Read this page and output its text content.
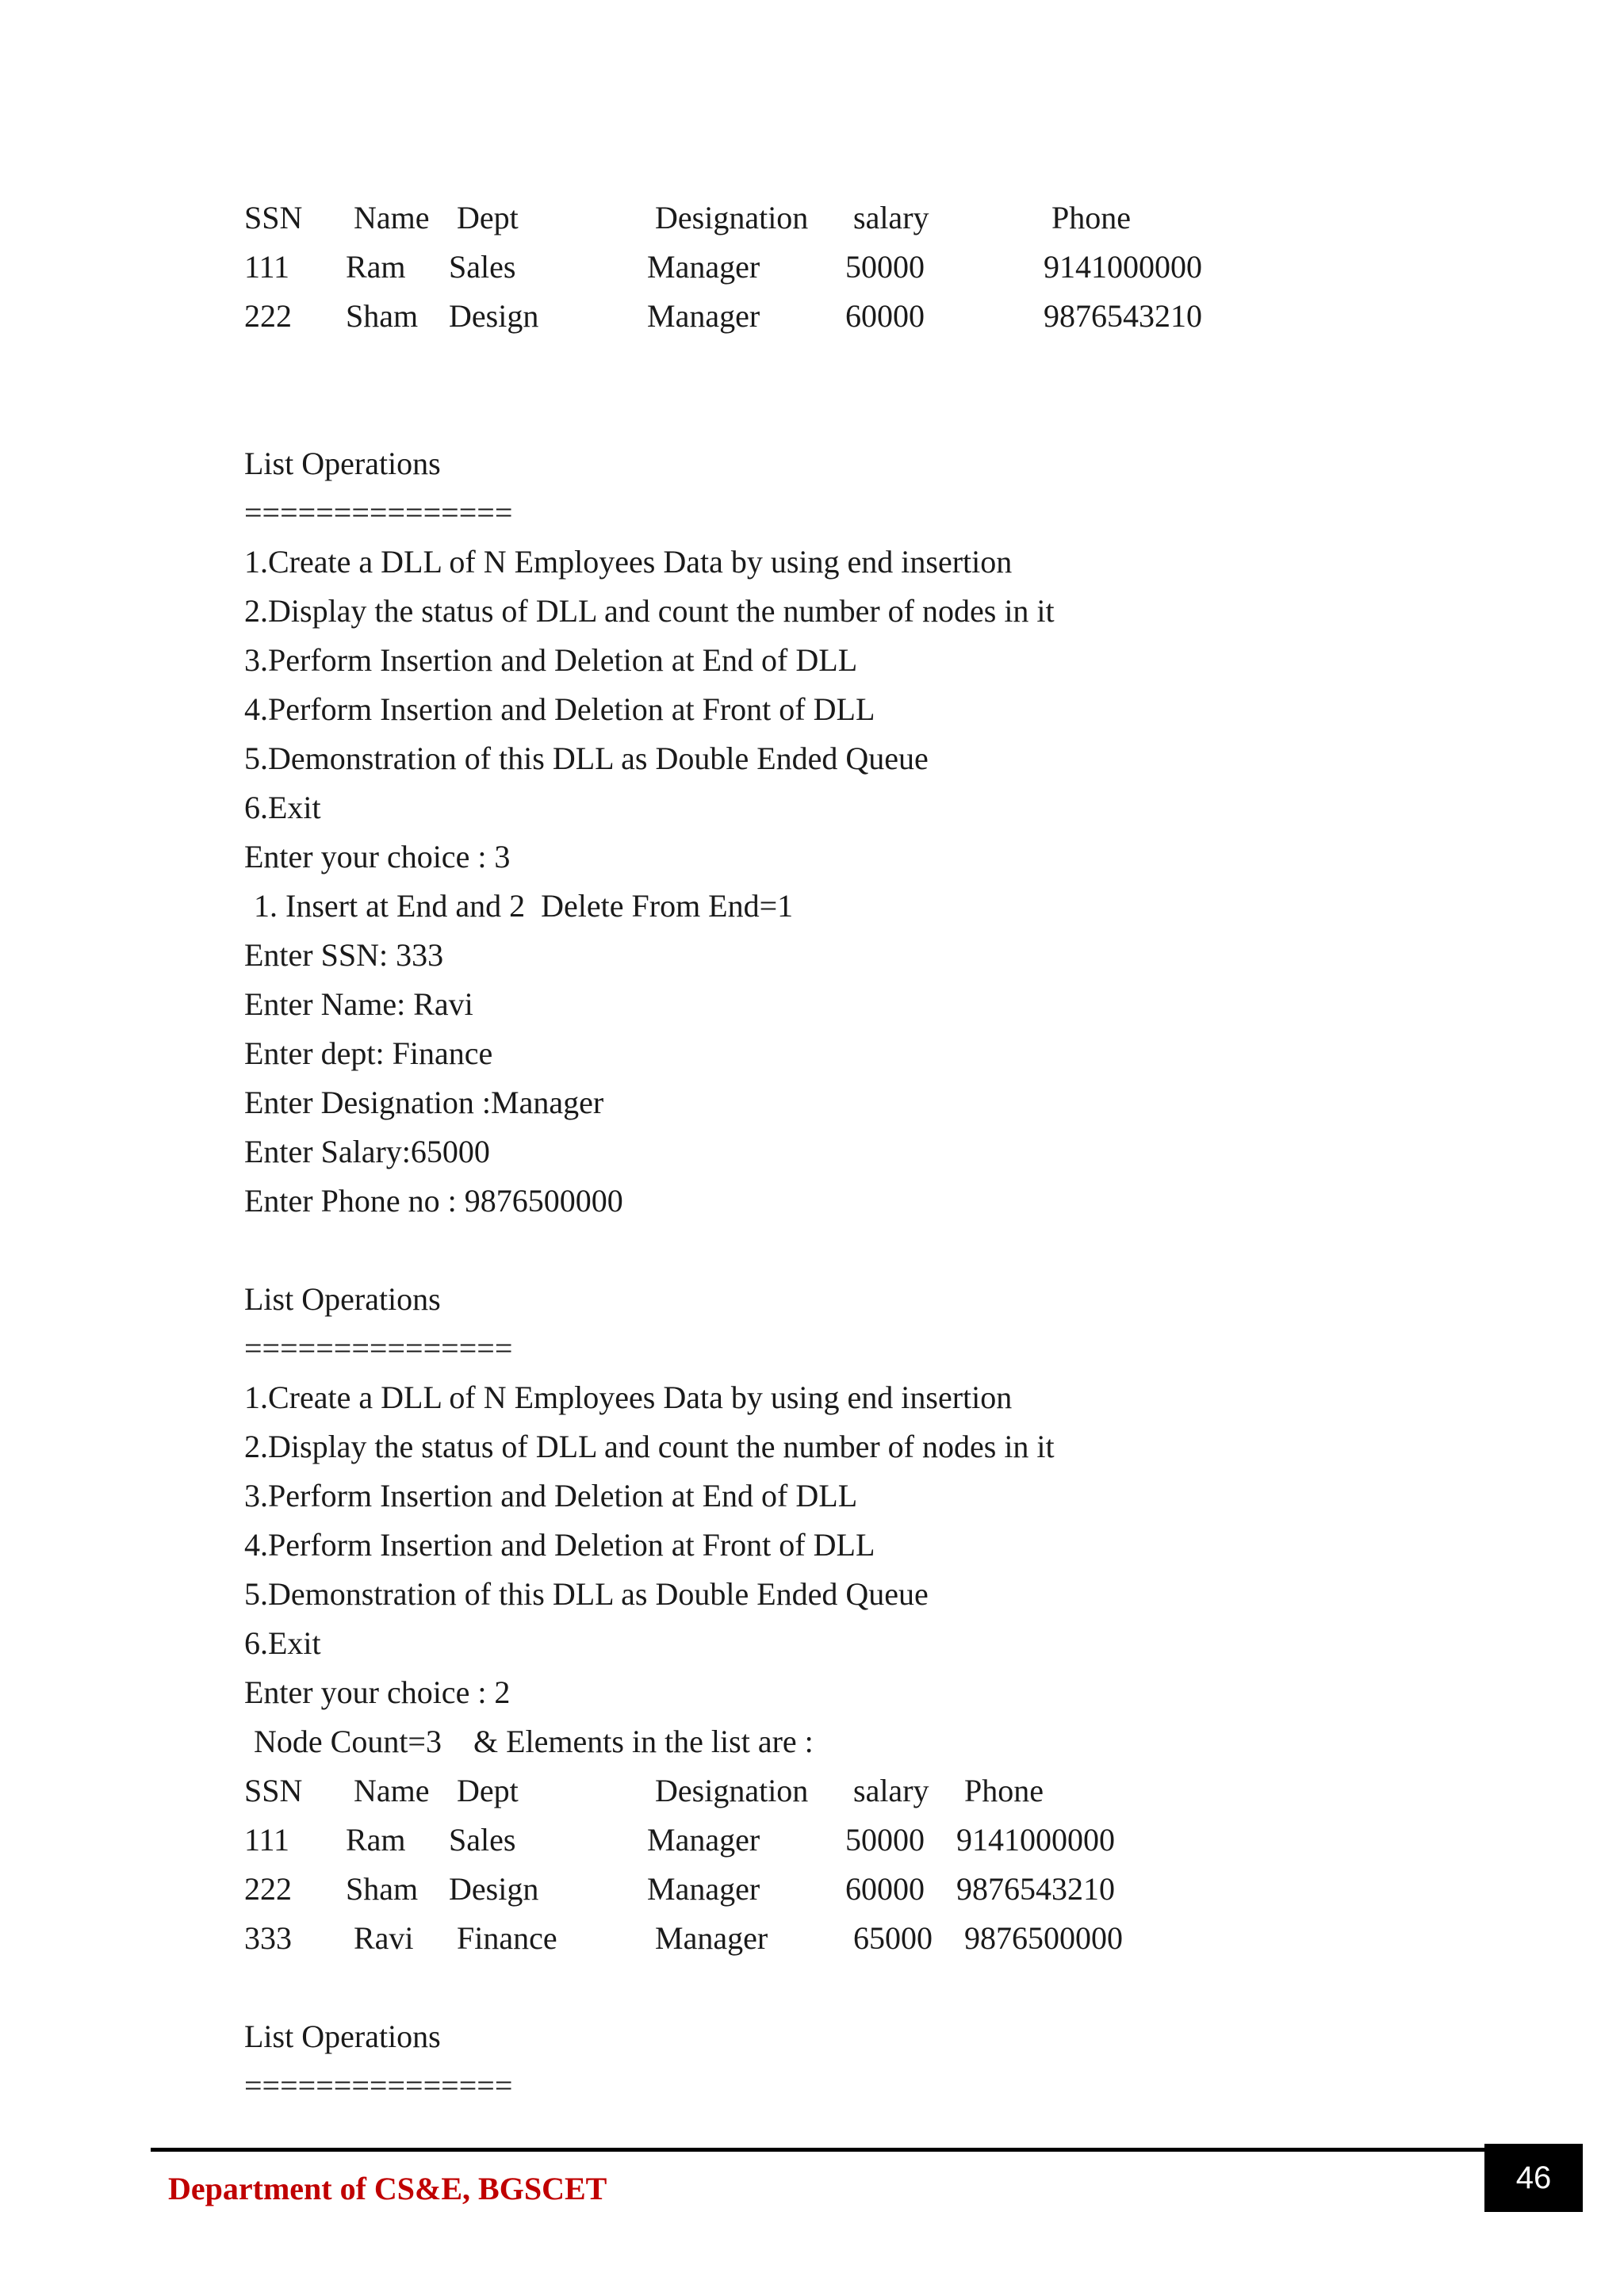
SSN	Name Dept	Designation	salary	Phone
111	Ram	Sales	Manager	50000	9141000000
222	Sham Design	Manager	60000	9876543210
List Operations
===============
1.Create a DLL of N Employees Data by using end insertion
2.Display the status of DLL and count the number of nodes in it
3.Perform Insertion and Deletion at End of DLL
4.Perform Insertion and Deletion at Front of DLL
5.Demonstration of this DLL as Double Ended Queue
6.Exit
Enter your choice : 3
1. Insert at End and 2  Delete From End=1
Enter SSN: 333
Enter Name: Ravi
Enter dept: Finance
Enter Designation :Manager
Enter Salary:65000
Enter Phone no : 9876500000
List Operations
===============
1.Create a DLL of N Employees Data by using end insertion
2.Display the status of DLL and count the number of nodes in it
3.Perform Insertion and Deletion at End of DLL
4.Perform Insertion and Deletion at Front of DLL
5.Demonstration of this DLL as Double Ended Queue
6.Exit
Enter your choice : 2
Node Count=3    & Elements in the list are :
SSN	Name Dept	Designation	salary	Phone
111	Ram	Sales	Manager	50000	9141000000
222	Sham Design	Manager	60000	9876543210
333	Ravi	Finance	Manager	65000	9876500000
List Operations
===============
Department of CS&E, BGSCET	46
